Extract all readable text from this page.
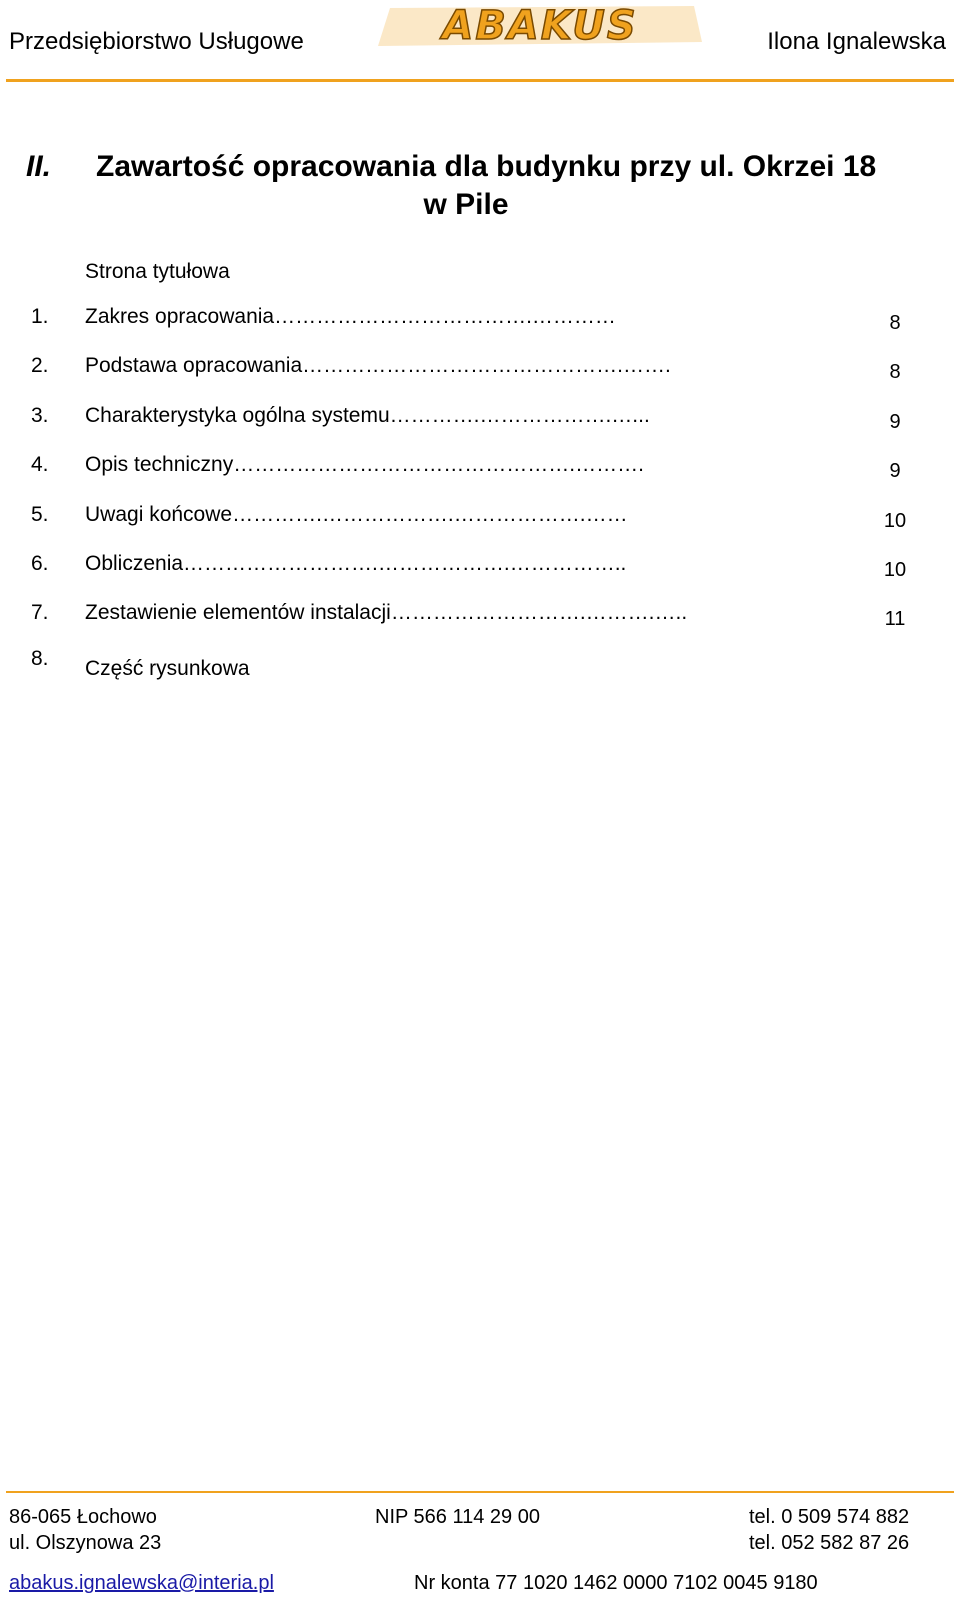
Przedsiębiorstwo Usługowe	ABAKUS	Ilona Ignalewska
II. Zawartość opracowania dla budynku przy ul. Okrzei 18
w Pile
Strona tytułowa
1. Zakres opracowania……………………………….…………	8
2. Podstawa opracowania……………………………………….…….	8
3. Charakterystyka ogólna systemu………….……………….…...	9
4. Opis techniczny………………………………………….……….	9
5. Uwagi końcowe………….……………….……………….……	10
6. Obliczenia……………………….……………….……………..	10
7. Zestawienie elementów instalacji……………………….……….…..	11
8. Część rysunkowa
86-065 Łochowo
ul. Olszynowa 23
NIP 566 114 29 00	tel. 0 509 574 882
tel. 052 582 87 26
abakus.ignalewska@interia.pl	Nr konta 77 1020 1462 0000 7102 0045 9180
